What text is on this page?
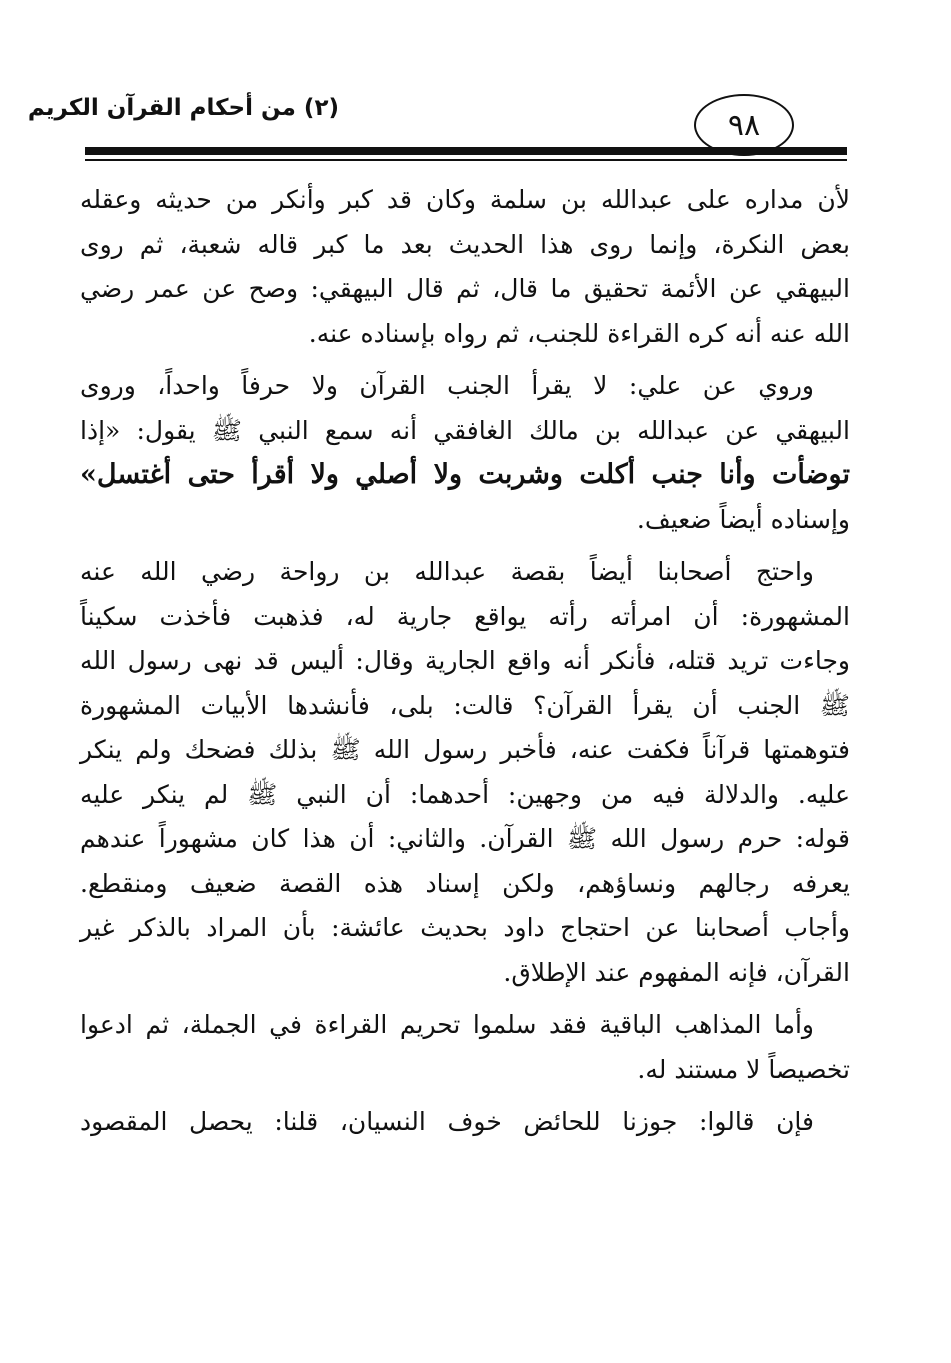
٩٨
(٢) من أحكام القرآن الكريم

لأن مداره على عبدالله بن سلمة وكان قد كبر وأنكر من حديثه وعقله
بعض النكرة، وإنما روى هذا الحديث بعد ما كبر قاله شعبة، ثم روى
البيهقي عن الأئمة تحقيق ما قال، ثم قال البيهقي: وصح عن عمر رضي
الله عنه أنه كره القراءة للجنب، ثم رواه بإسناده عنه.

وروي عن علي: لا يقرأ الجنب القرآن ولا حرفاً واحداً، وروى
البيهقي عن عبدالله بن مالك الغافقي أنه سمع النبي ﷺ يقول: «إذا
توضأت وأنا جنب أكلت وشربت ولا أصلي ولا أقرأ حتى أغتسل»
وإسناده أيضاً ضعيف.

واحتج أصحابنا أيضاً بقصة عبدالله بن رواحة رضي الله عنه
المشهورة: أن امرأته رأته يواقع جارية له، فذهبت فأخذت سكيناً
وجاءت تريد قتله، فأنكر أنه واقع الجارية وقال: أليس قد نهى رسول الله
ﷺ الجنب أن يقرأ القرآن؟ قالت: بلى، فأنشدها الأبيات المشهورة
فتوهمتها قرآناً فكفت عنه، فأخبر رسول الله ﷺ بذلك فضحك ولم ينكر
عليه. والدلالة فيه من وجهين: أحدهما: أن النبي ﷺ لم ينكر عليه
قوله: حرم رسول الله ﷺ القرآن. والثاني: أن هذا كان مشهوراً عندهم
يعرفه رجالهم ونساؤهم، ولكن إسناد هذه القصة ضعيف ومنقطع.
وأجاب أصحابنا عن احتجاج داود بحديث عائشة: بأن المراد بالذكر غير
القرآن، فإنه المفهوم عند الإطلاق.

وأما المذاهب الباقية فقد سلموا تحريم القراءة في الجملة، ثم ادعوا
تخصيصاً لا مستند له.

فإن قالوا: جوزنا للحائض خوف النسيان، قلنا: يحصل المقصود
